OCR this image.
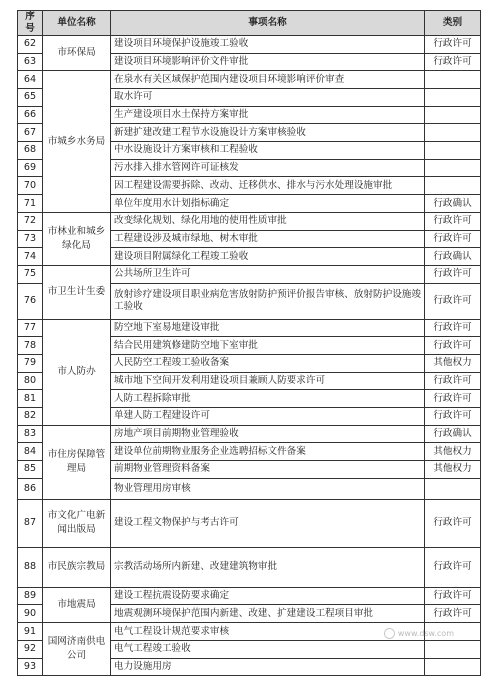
序号	单位名称	事项名称	类别
62	市环保局	建设项目环境保护设施竣工验收	行政许可
63		建设项目环境影响评价文件审批	行政许可
64	市城乡水务局	在泉水有关区域保护范围内建设项目环境影响评价审查	
65		取水许可	
66		生产建设项目水土保持方案审批	
67		新建扩建改建工程节水设施设计方案审核验收	
68		中水设施设计方案审核和工程验收	
69		污水排入排水管网许可证核发	
70		因工程建设需要拆除、改动、迁移供水、排水与污水处理设施审批	
71		单位年度用水计划指标确定	行政确认
72	市林业和城乡绿化局	改变绿化规划、绿化用地的使用性质审批	行政许可
73		工程建设涉及城市绿地、树木审批	行政许可
74		建设项目附属绿化工程竣工验收	行政确认
75	市卫生计生委	公共场所卫生许可	行政许可
76		放射诊疗建设项目职业病危害放射防护预评价报告审核、放射防护设施竣工验收	行政许可
77	市人防办	防空地下室易地建设审批	行政许可
78		结合民用建筑修建防空地下室审批	行政许可
79		人民防空工程竣工验收备案	其他权力
80		城市地下空间开发利用建设项目兼顾人防要求许可	行政许可
81		人防工程拆除审批	行政许可
82		单建人防工程建设许可	行政许可
83	市住房保障管理局	房地产项目前期物业管理验收	行政确认
84		建设单位前期物业服务企业选聘招标文件备案	其他权力
85		前期物业管理资料备案	其他权力
86		物业管理用房审核	
87	市文化广电新闻出版局	建设工程文物保护与考古许可	行政许可
88	市民族宗教局	宗教活动场所内新建、改建建筑物审批	行政许可
89	市地震局	建设工程抗震设防要求确定	行政许可
90		地震观测环境保护范围内新建、改建、扩建建设工程项目审批	行政许可
91	国网济南供电公司	电气工程设计规范要求审核	
92		电气工程竣工验收	
93		电力设施用房	
www.dsw.com
